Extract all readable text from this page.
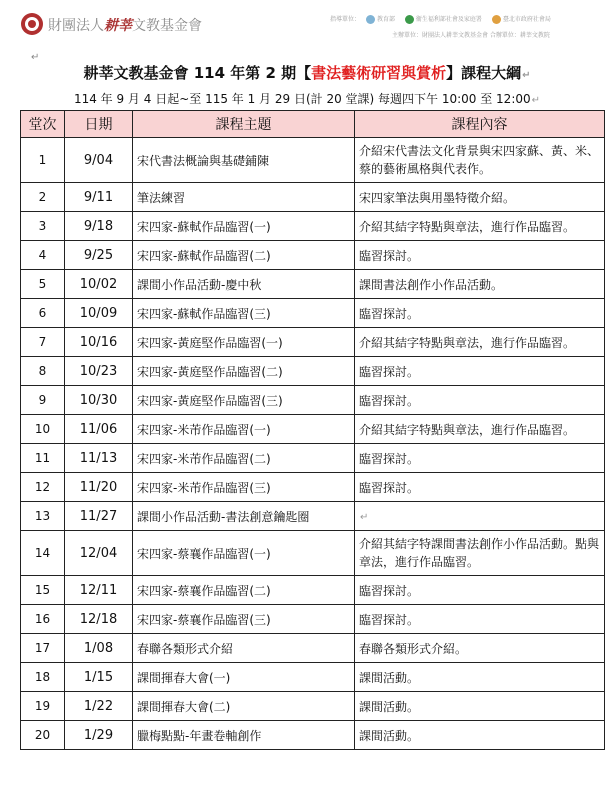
財團法人耕莘文教基金會	指導單位：	教育部	衛生福利部社會及家庭署	臺北市政府社會局
主辦單位：財團法人耕莘文教基金會 合辦單位：耕莘文教院
↵
耕莘文教基金會 114 年第 2 期【書法藝術研習與賞析】課程大綱↵
114 年 9 月 4 日起~至 115 年 1 月 29 日(計 20 堂課) 每週四下午 10:00 至 12:00↵
堂次	日期	課程主題	課程內容
1	9/04	宋代書法概論與基礎鋪陳	介紹宋代書法文化背景與宋四家蘇、黃、米、蔡的藝術風格與代表作。
2	9/11	筆法練習	宋四家筆法與用墨特徵介紹。
3	9/18	宋四家-蘇軾作品臨習(一)	介紹其結字特點與章法，進行作品臨習。
4	9/25	宋四家-蘇軾作品臨習(二)	臨習探討。
5	10/02	課間小作品活動-慶中秋	課間書法創作小作品活動。
6	10/09	宋四家-蘇軾作品臨習(三)	臨習探討。
7	10/16	宋四家-黃庭堅作品臨習(一)	介紹其結字特點與章法，進行作品臨習。
8	10/23	宋四家-黃庭堅作品臨習(二)	臨習探討。
9	10/30	宋四家-黃庭堅作品臨習(三)	臨習探討。
10	11/06	宋四家-米芾作品臨習(一)	介紹其結字特點與章法，進行作品臨習。
11	11/13	宋四家-米芾作品臨習(二)	臨習探討。
12	11/20	宋四家-米芾作品臨習(三)	臨習探討。
13	11/27	課間小作品活動-書法創意鑰匙圈	↵
14	12/04	宋四家-蔡襄作品臨習(一)	介紹其結字特課間書法創作小作品活動。點與章法，進行作品臨習。
15	12/11	宋四家-蔡襄作品臨習(二)	臨習探討。
16	12/18	宋四家-蔡襄作品臨習(三)	臨習探討。
17	1/08	春聯各類形式介紹	春聯各類形式介紹。
18	1/15	課間揮春大會(一)	課間活動。
19	1/22	課間揮春大會(二)	課間活動。
20	1/29	臘梅點點-年畫卷軸創作	課間活動。
